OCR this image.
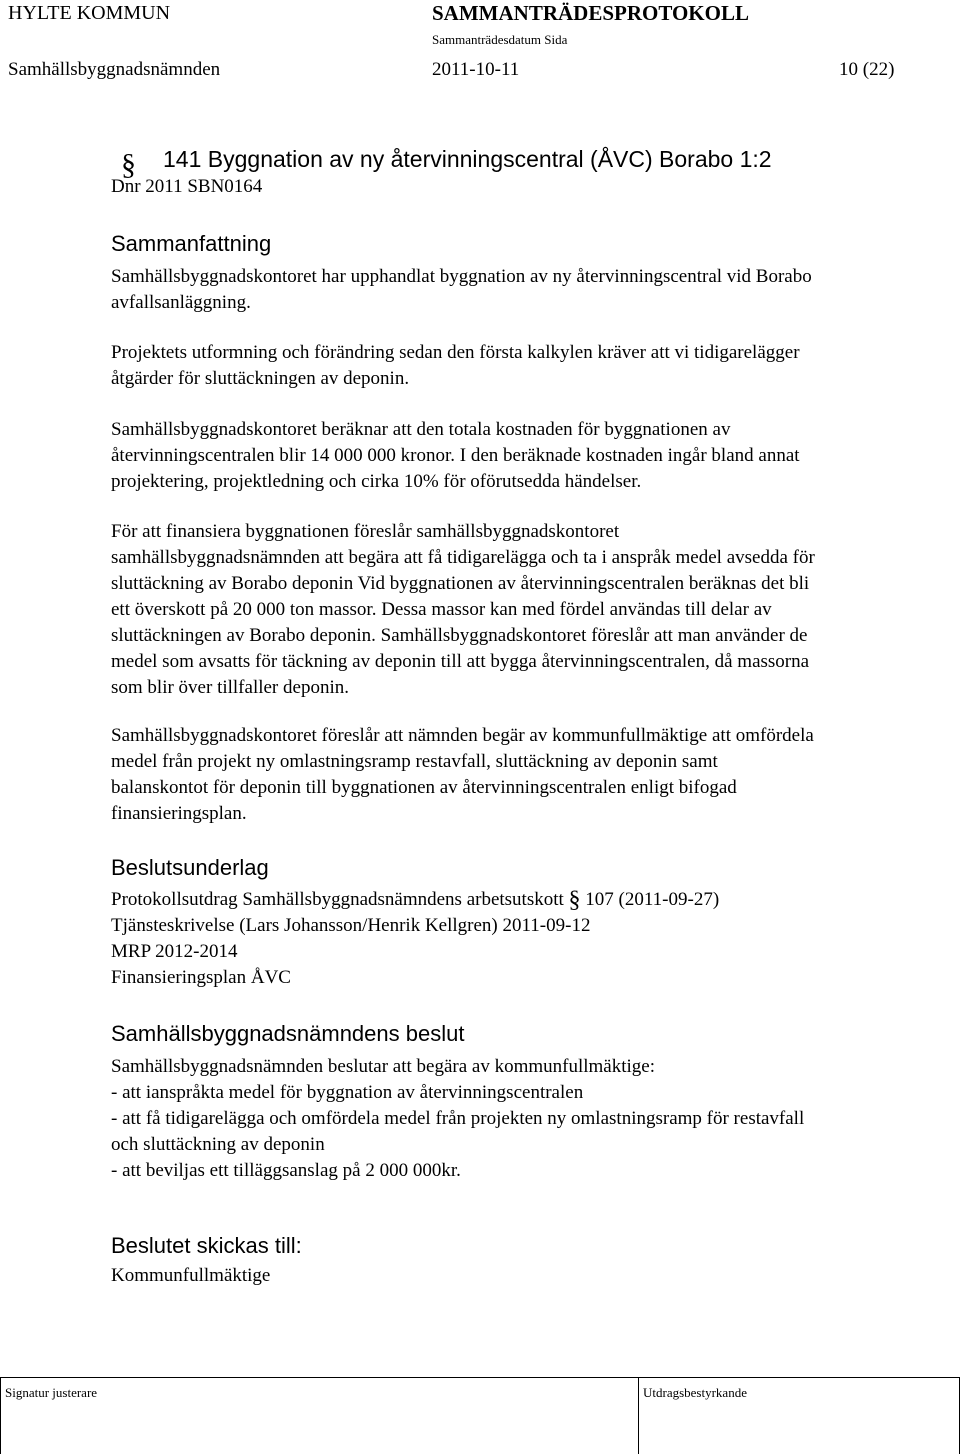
HYLTE KOMMUN	SAMMANTRÄDESPROTOKOLL
Sammanträdesdatum Sida
Samhällsbyggnadsnämnden	2011-10-11	10 (22)
§ 141 Byggnation av ny återvinningscentral (ÅVC) Borabo 1:2
Dnr 2011 SBN0164
Sammanfattning
Samhällsbyggnadskontoret har upphandlat byggnation av ny återvinningscentral vid Borabo
avfallsanläggning.
Projektets utformning och förändring sedan den första kalkylen kräver att vi tidigarelägger
åtgärder för sluttäckningen av deponin.
Samhällsbyggnadskontoret beräknar att den totala kostnaden för byggnationen av
återvinningscentralen blir 14 000 000 kronor. I den beräknade kostnaden ingår bland annat
projektering, projektledning och cirka 10% för oförutsedda händelser.
För att finansiera byggnationen föreslår samhällsbyggnadskontoret
samhällsbyggnadsnämnden att begära att få tidigarelägga och ta i anspråk medel avsedda för
sluttäckning av Borabo deponin Vid byggnationen av återvinningscentralen beräknas det bli
ett överskott på 20 000 ton massor. Dessa massor kan med fördel användas till delar av
sluttäckningen av Borabo deponin. Samhällsbyggnadskontoret föreslår att man använder de
medel som avsatts för täckning av deponin till att bygga återvinningscentralen, då massorna
som blir över tillfaller deponin.
Samhällsbyggnadskontoret föreslår att nämnden begär av kommunfullmäktige att omfördela
medel från projekt ny omlastningsramp restavfall, sluttäckning av deponin samt
balanskontot för deponin till byggnationen av återvinningscentralen enligt bifogad
finansieringsplan.
Beslutsunderlag
Protokollsutdrag Samhällsbyggnadsnämndens arbetsutskott § 107 (2011-09-27)
Tjänsteskrivelse (Lars Johansson/Henrik Kellgren) 2011-09-12
MRP 2012-2014
Finansieringsplan ÅVC
Samhällsbyggnadsnämndens beslut
Samhällsbyggnadsnämnden beslutar att begära av kommunfullmäktige:
- att ianspråkta medel för byggnation av återvinningscentralen
- att få tidigarelägga och omfördela medel från projekten ny omlastningsramp för restavfall
och sluttäckning av deponin
- att beviljas ett tilläggsanslag på 2 000 000kr.
Beslutet skickas till:
Kommunfullmäktige
Signatur justerare	Utdragsbestyrkande
